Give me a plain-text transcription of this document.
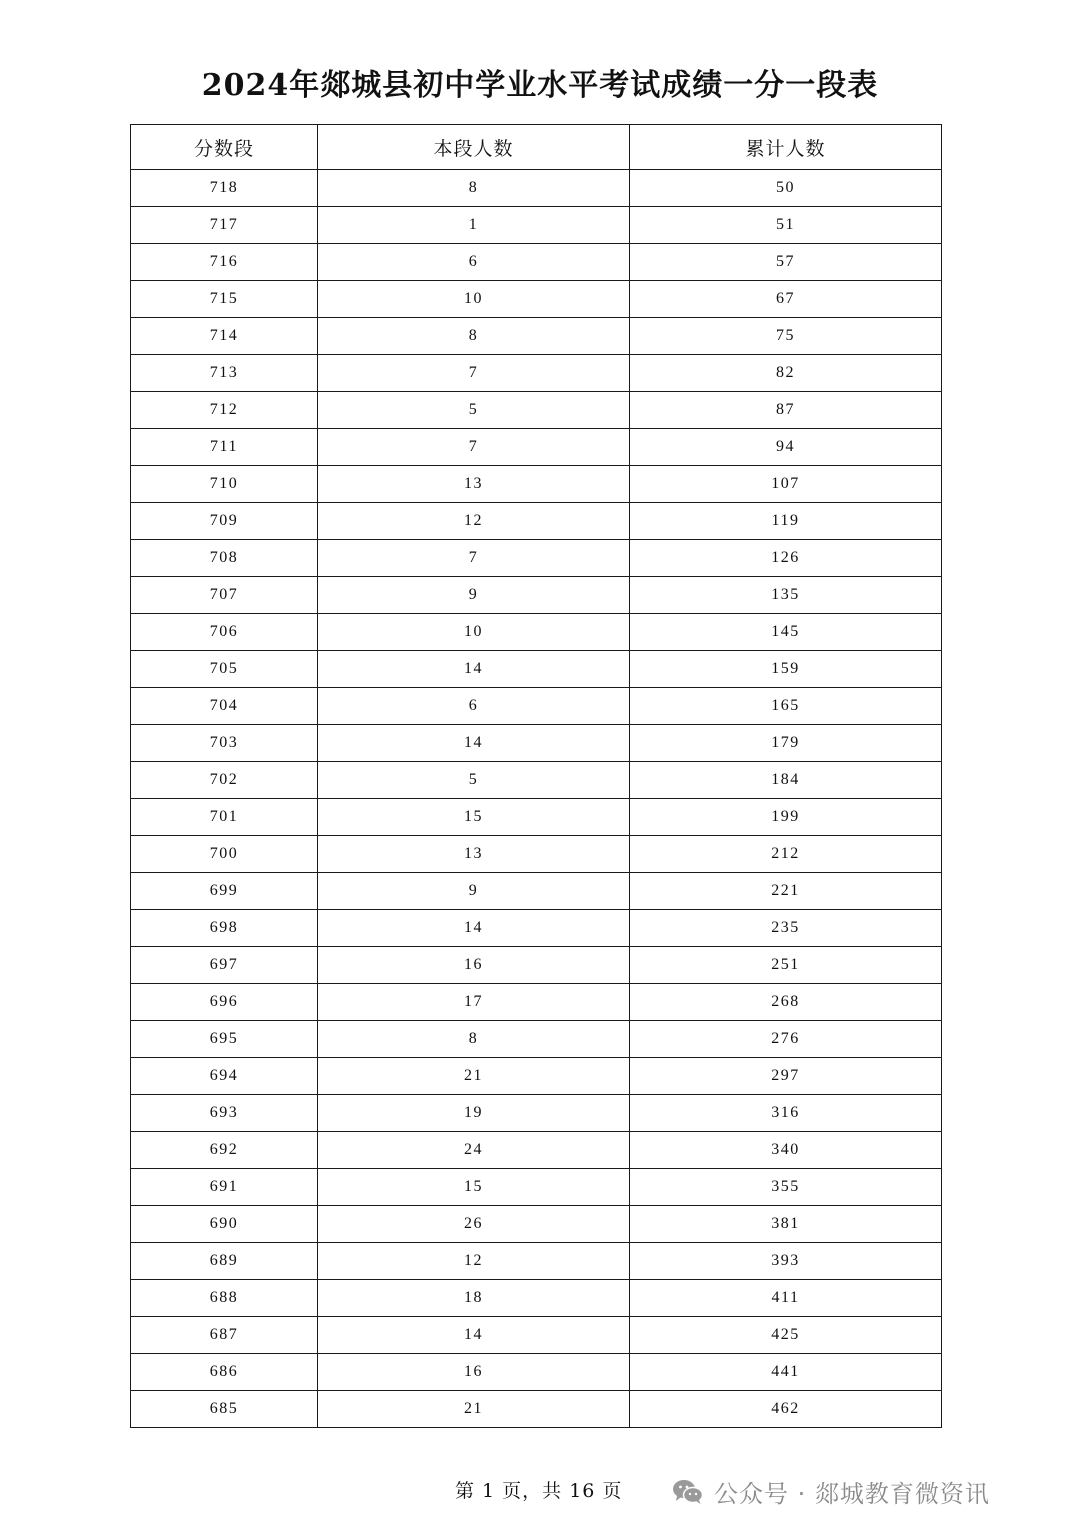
2024年郯城县初中学业水平考试成绩一分一段表
分数段	本段人数	累计人数
718	8	50
717	1	51
716	6	57
715	10	67
714	8	75
713	7	82
712	5	87
711	7	94
710	13	107
709	12	119
708	7	126
707	9	135
706	10	145
705	14	159
704	6	165
703	14	179
702	5	184
701	15	199
700	13	212
699	9	221
698	14	235
697	16	251
696	17	268
695	8	276
694	21	297
693	19	316
692	24	340
691	15	355
690	26	381
689	12	393
688	18	411
687	14	425
686	16	441
685	21	462
第 1 页，共 16 页	公众号 · 郯城教育微资讯
